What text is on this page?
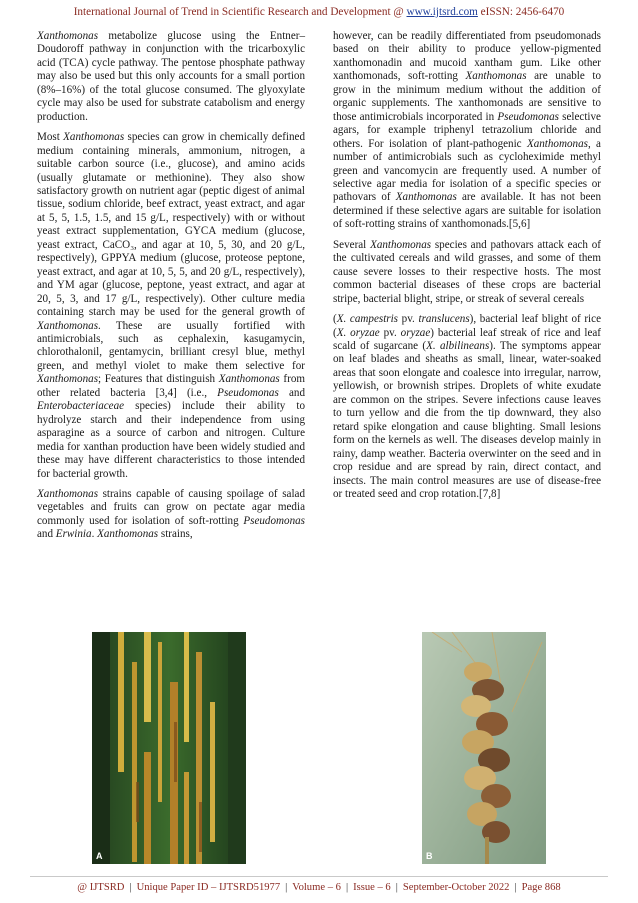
International Journal of Trend in Scientific Research and Development @ www.ijtsrd.com eISSN: 2456-6470

Xanthomonas metabolize glucose using the Entner–Doudoroff pathway in conjunction with the tricarboxylic acid (TCA) cycle pathway. The pentose phosphate pathway may also be used but this only accounts for a small portion (8%–16%) of the total glucose consumed. The glyoxylate cycle may also be used for substrate catabolism and energy production.

Most Xanthomonas species can grow in chemically defined medium containing minerals, ammonium, nitrogen, a suitable carbon source (i.e., glucose), and amino acids (usually glutamate or methionine). They also show satisfactory growth on nutrient agar (peptic digest of animal tissue, sodium chloride, beef extract, yeast extract, and agar at 5, 5, 1.5, 1.5, and 15 g/L, respectively) with or without yeast extract supplementation, GYCA medium (glucose, yeast extract, CaCO₃, and agar at 10, 5, 30, and 20 g/L, respectively), GPPYA medium (glucose, proteose peptone, yeast extract, and agar at 10, 5, 5, and 20 g/L, respectively), and YM agar (glucose, peptone, yeast extract, and agar at 20, 5, 3, and 17 g/L, respectively). Other culture media containing starch may be used for the general growth of Xanthomonas. These are usually fortified with antimicrobials, such as cephalexin, kasugamycin, chlorothalonil, gentamycin, brilliant cresyl blue, methyl green, and methyl violet to make them selective for Xanthomonas; Features that distinguish Xanthomonas from other related bacteria [3,4] (i.e., Pseudomonas and Enterobacteriaceae species) include their ability to hydrolyze starch and their independence from using asparagine as a source of carbon and nitrogen. Culture media for xanthan production have been widely studied and these may have different characteristics to those intended for bacterial growth.

Xanthomonas strains capable of causing spoilage of salad vegetables and fruits can grow on pectate agar media commonly used for isolation of soft-rotting Pseudomonas and Erwinia. Xanthomonas strains,

however, can be readily differentiated from pseudomonads based on their ability to produce yellow-pigmented xanthomonadin and mucoid xantham gum. Like other xanthomonads, soft-rotting Xanthomonas are unable to grow in the minimum medium without the addition of organic supplements. The xanthomonads are sensitive to those antimicrobials incorporated in Pseudomonas selective agars, for example triphenyl tetrazolium chloride and others. For isolation of plant-pathogenic Xanthomonas, a number of antimicrobials such as cycloheximide methyl green and vancomycin are frequently used. A number of selective agar media for isolation of a specific species or pathovars of Xanthomonas are available. It has not been determined if these selective agars are suitable for isolation of soft-rotting strains of xanthomonads.[5,6]

Several Xanthomonas species and pathovars attack each of the cultivated cereals and wild grasses, and some of them cause severe losses to their respective hosts. The most common bacterial diseases of these crops are bacterial stripe, bacterial blight, stripe, or streak of several cereals

(X. campestris pv. translucens), bacterial leaf blight of rice (X. oryzae pv. oryzae) bacterial leaf streak of rice and leaf scald of sugarcane (X. albilineans). The symptoms appear on leaf blades and sheaths as small, linear, water-soaked areas that soon elongate and coalesce into irregular, narrow, yellowish, or brownish stripes. Droplets of white exudate are common on the stripes. Severe infections cause leaves to turn yellow and die from the tip downward, they also retard spike elongation and cause blighting. Small lesions form on the kernels as well. The diseases develop mainly in rainy, damp weather. Bacteria overwinter on the seed and in crop residue and are spread by rain, direct contact, and insects. The main control measures are use of disease-free or treated seed and crop rotation.[7,8]

A	B
@ IJTSRD | Unique Paper ID – IJTSRD51977 | Volume – 6 | Issue – 6 | September-October 2022 | Page 868
